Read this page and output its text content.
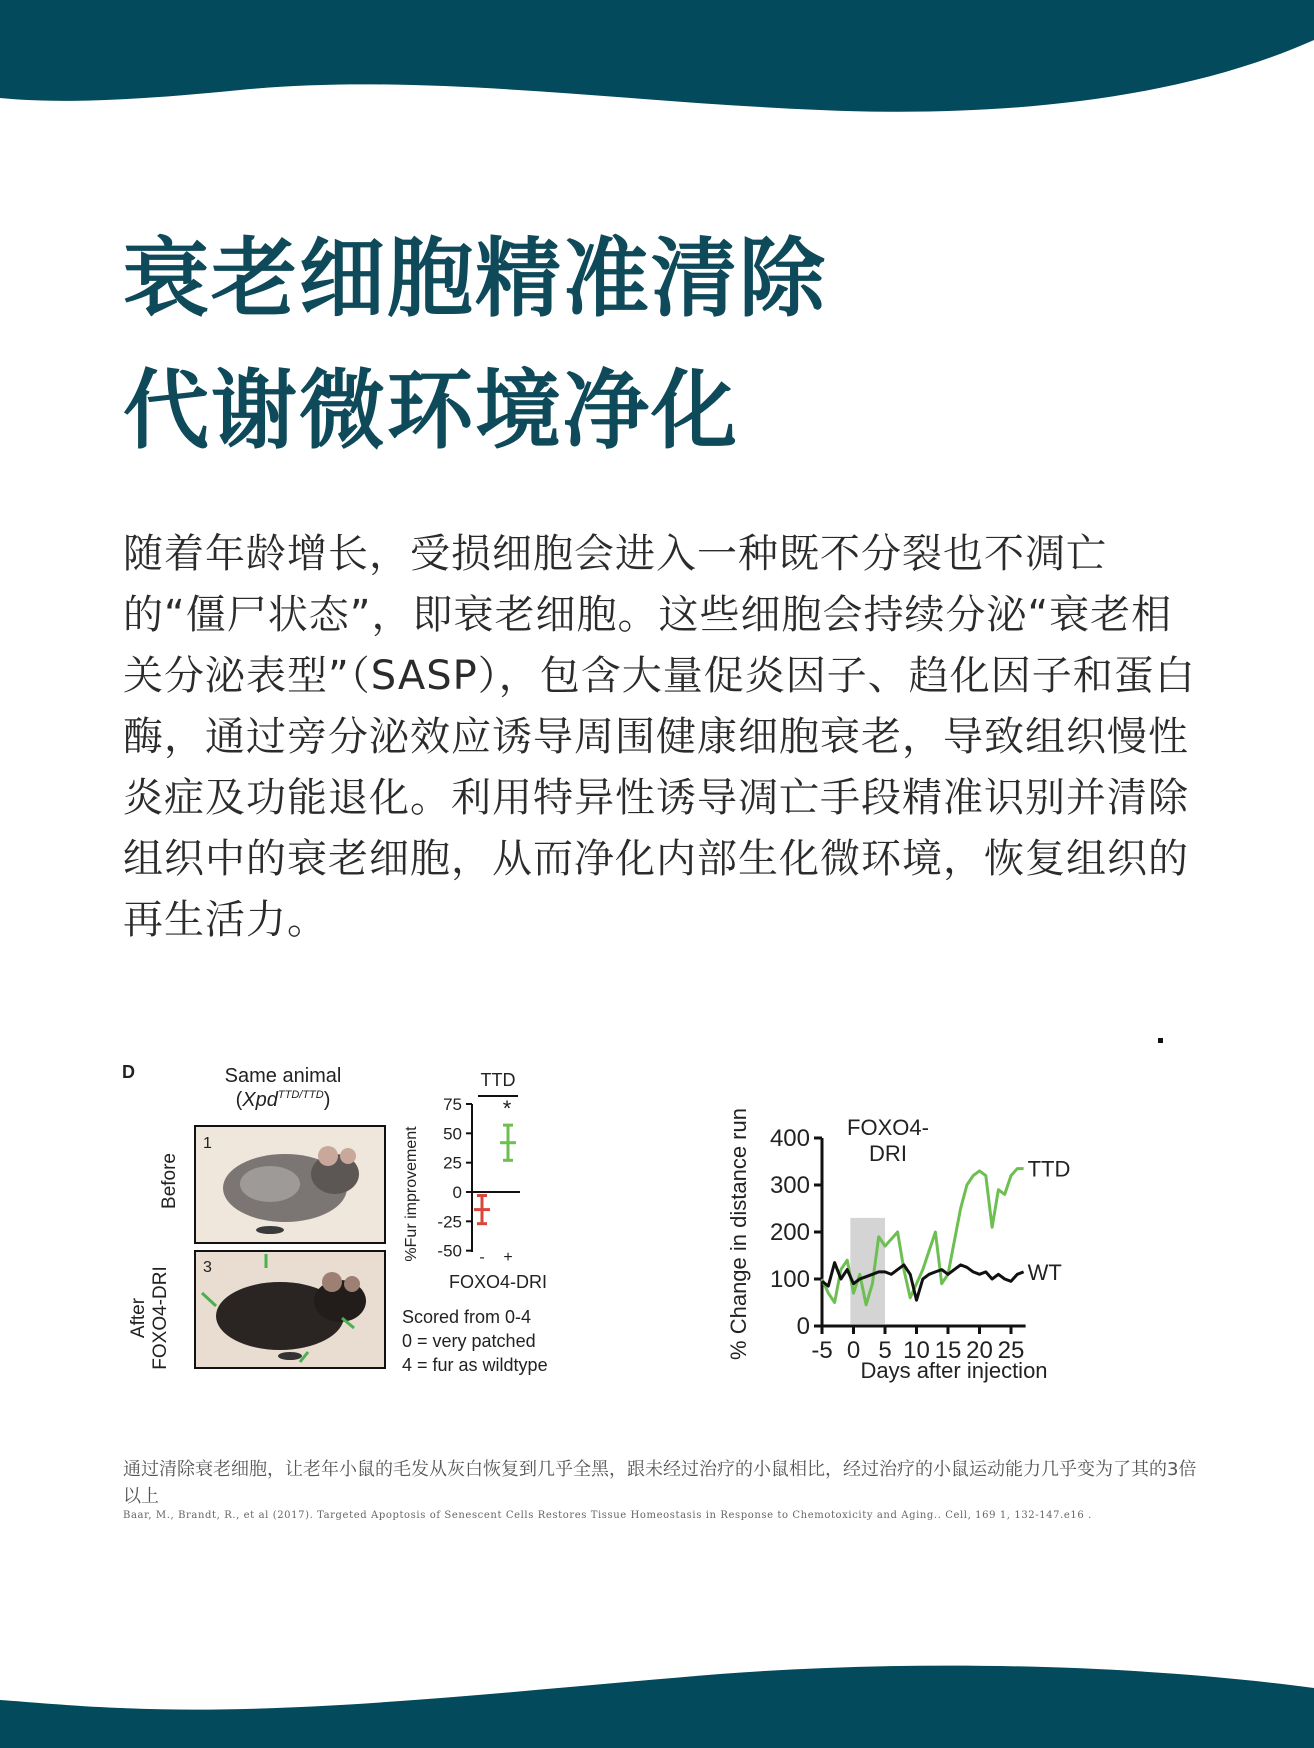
衰老细胞精准清除
代谢微环境净化

随着年龄增长，受损细胞会进入一种既不分裂也不凋亡的“僵尸状态”，即衰老细胞。这些细胞会持续分泌“衰老相关分泌表型”（SASP），包含大量促炎因子、趋化因子和蛋白酶，通过旁分泌效应诱导周围健康细胞衰老，导致组织慢性炎症及功能退化。利用特异性诱导凋亡手段精准识别并清除组织中的衰老细胞，从而净化内部生化微环境，恢复组织的再生活力。

D	Same animal
(Xpd$^{TTD/TTD}$)
Before
After FOXO4-DRI
1
3
TTD
*
%Fur improvement
75
50
25
0
-25
-50 - +
FOXO4-DRI
Scored from 0-4
0 = very patched
4 = fur as wildtype
% Change in distance run	FOXO4-
DRI
0
100
200
300
400
-5 0 5 10 15 20 25
TTD
WT
Days after injection

通过清除衰老细胞，让老年小鼠的毛发从灰白恢复到几乎全黑，跟未经过治疗的小鼠相比，经过治疗的小鼠运动能力几乎变为了其的3倍以上

Baar, M., Brandt, R., et al (2017). Targeted Apoptosis of Senescent Cells Restores Tissue Homeostasis in Response to Chemotoxicity and Aging.. Cell, 169 1, 132-147.e16 .
